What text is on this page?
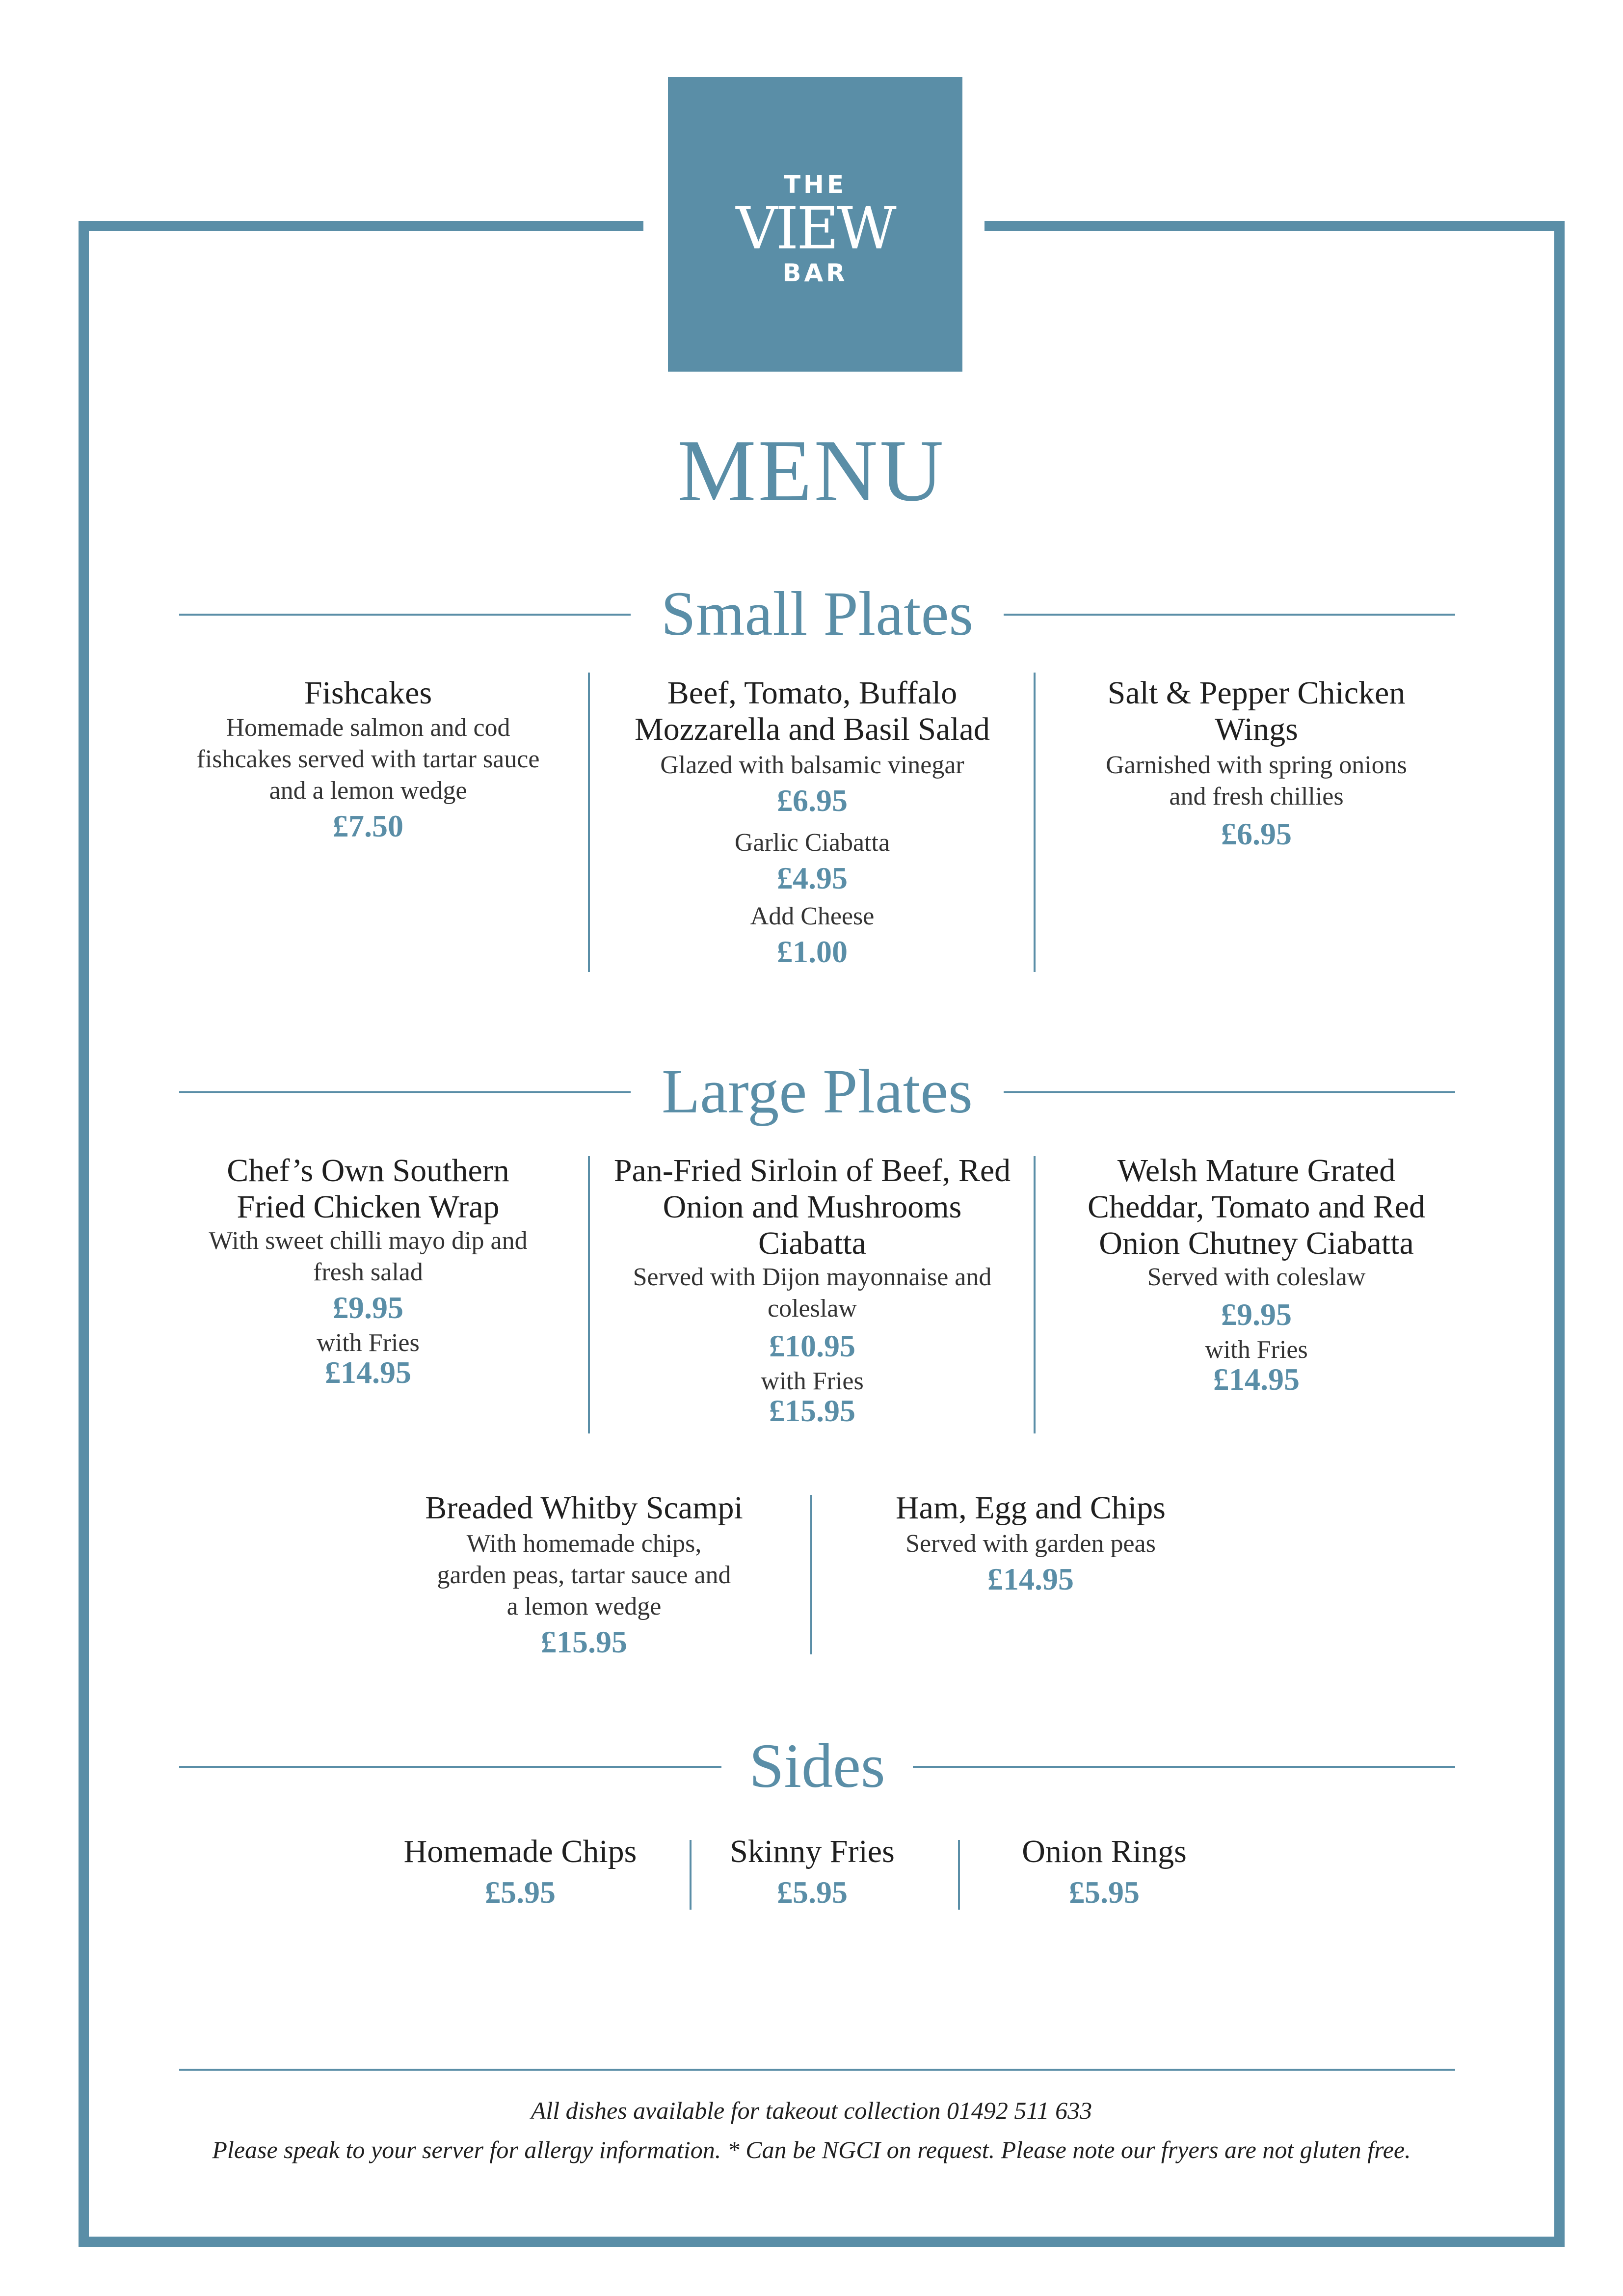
THE
VIEW
BAR
MENU
Small Plates
Fishcakes
Homemade salmon and cod fishcakes served with tartar sauce and a lemon wedge
£7.50
Beef, Tomato, Buffalo Mozzarella and Basil Salad
Glazed with balsamic vinegar
£6.95
Garlic Ciabatta
£4.95
Add Cheese
£1.00
Salt & Pepper Chicken Wings
Garnished with spring onions and fresh chillies
£6.95
Large Plates
Chef’s Own Southern Fried Chicken Wrap
With sweet chilli mayo dip and fresh salad
£9.95
with Fries
£14.95
Pan-Fried Sirloin of Beef, Red Onion and Mushrooms Ciabatta
Served with Dijon mayonnaise and coleslaw
£10.95
with Fries
£15.95
Welsh Mature Grated Cheddar, Tomato and Red Onion Chutney Ciabatta
Served with coleslaw
£9.95
with Fries
£14.95
Breaded Whitby Scampi
With homemade chips, garden peas, tartar sauce and a lemon wedge
£15.95
Ham, Egg and Chips
Served with garden peas
£14.95
Sides
Homemade Chips
£5.95
Skinny Fries
£5.95
Onion Rings
£5.95
All dishes available for takeout collection 01492 511 633
Please speak to your server for allergy information. * Can be NGCI on request. Please note our fryers are not gluten free.
